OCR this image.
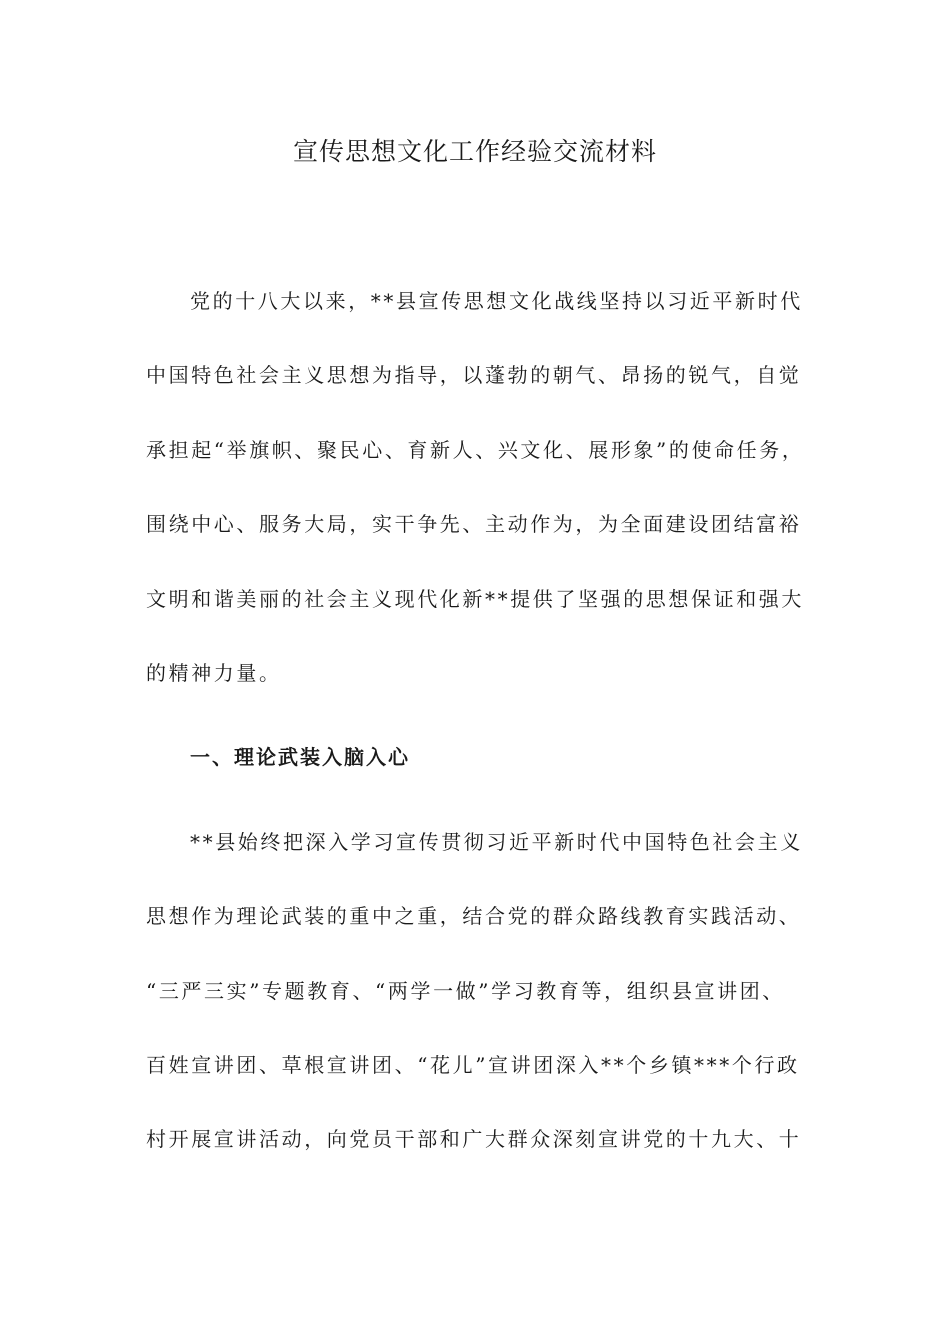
宣传思想文化工作经验交流材料
党的十八大以来，**县宣传思想文化战线坚持以习近平新时代
中国特色社会主义思想为指导，以蓬勃的朝气、昂扬的锐气，自觉
承担起“举旗帜、聚民心、育新人、兴文化、展形象”的使命任务，
围绕中心、服务大局，实干争先、主动作为，为全面建设团结富裕
文明和谐美丽的社会主义现代化新**提供了坚强的思想保证和强大
的精神力量。
一、理论武装入脑入心
**县始终把深入学习宣传贯彻习近平新时代中国特色社会主义
思想作为理论武装的重中之重，结合党的群众路线教育实践活动、
“三严三实”专题教育、“两学一做”学习教育等，组织县宣讲团、
百姓宣讲团、草根宣讲团、“花儿”宣讲团深入**个乡镇***个行政
村开展宣讲活动，向党员干部和广大群众深刻宣讲党的十九大、十
